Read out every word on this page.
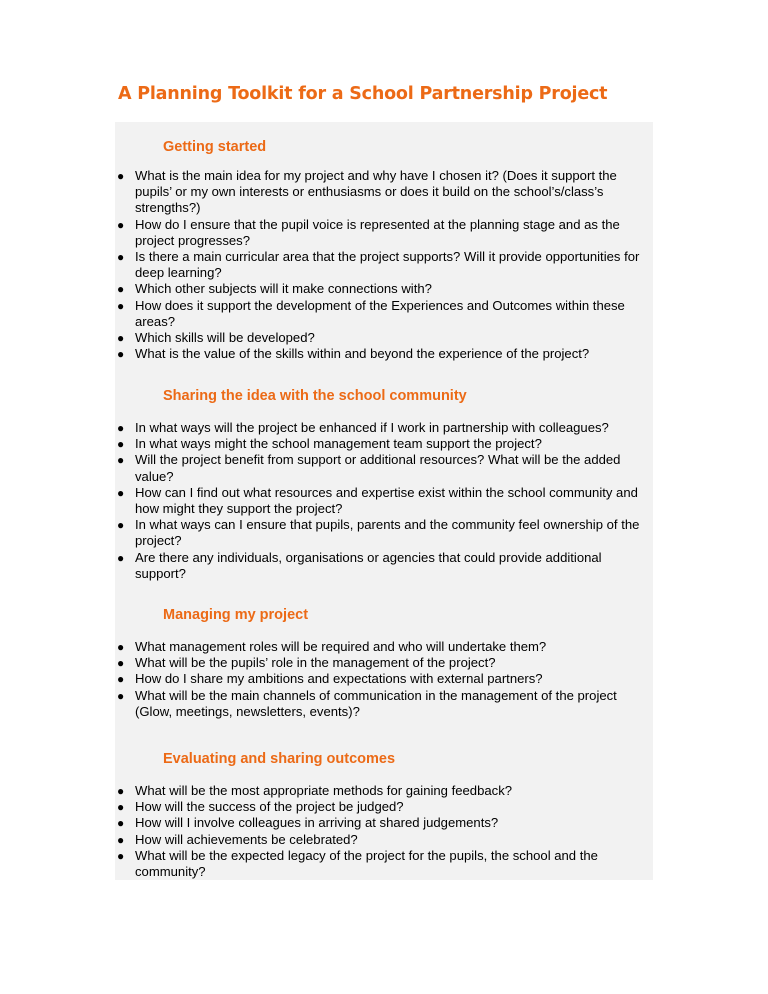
A Planning Toolkit for a School Partnership Project
Getting started
● What is the main idea for my project and why have I chosen it? (Does it support the pupils’ or my own interests or enthusiasms or does it build on the school’s/class’s strengths?)
● How do I ensure that the pupil voice is represented at the planning stage and as the project progresses?
● Is there a main curricular area that the project supports? Will it provide opportunities for deep learning?
● Which other subjects will it make connections with?
● How does it support the development of the Experiences and Outcomes within these areas?
● Which skills will be developed?
● What is the value of the skills within and beyond the experience of the project?
Sharing the idea with the school community
● In what ways will the project be enhanced if I work in partnership with colleagues?
● In what ways might the school management team support the project?
● Will the project benefit from support or additional resources? What will be the added value?
● How can I find out what resources and expertise exist within the school community and how might they support the project?
● In what ways can I ensure that pupils, parents and the community feel ownership of the project?
● Are there any individuals, organisations or agencies that could provide additional support?
Managing my project
● What management roles will be required and who will undertake them?
● What will be the pupils’ role in the management of the project?
● How do I share my ambitions and expectations with external partners?
● What will be the main channels of communication in the management of the project (Glow, meetings, newsletters, events)?
Evaluating and sharing outcomes
● What will be the most appropriate methods for gaining feedback?
● How will the success of the project be judged?
● How will I involve colleagues in arriving at shared judgements?
● How will achievements be celebrated?
● What will be the expected legacy of the project for the pupils, the school and the community?
